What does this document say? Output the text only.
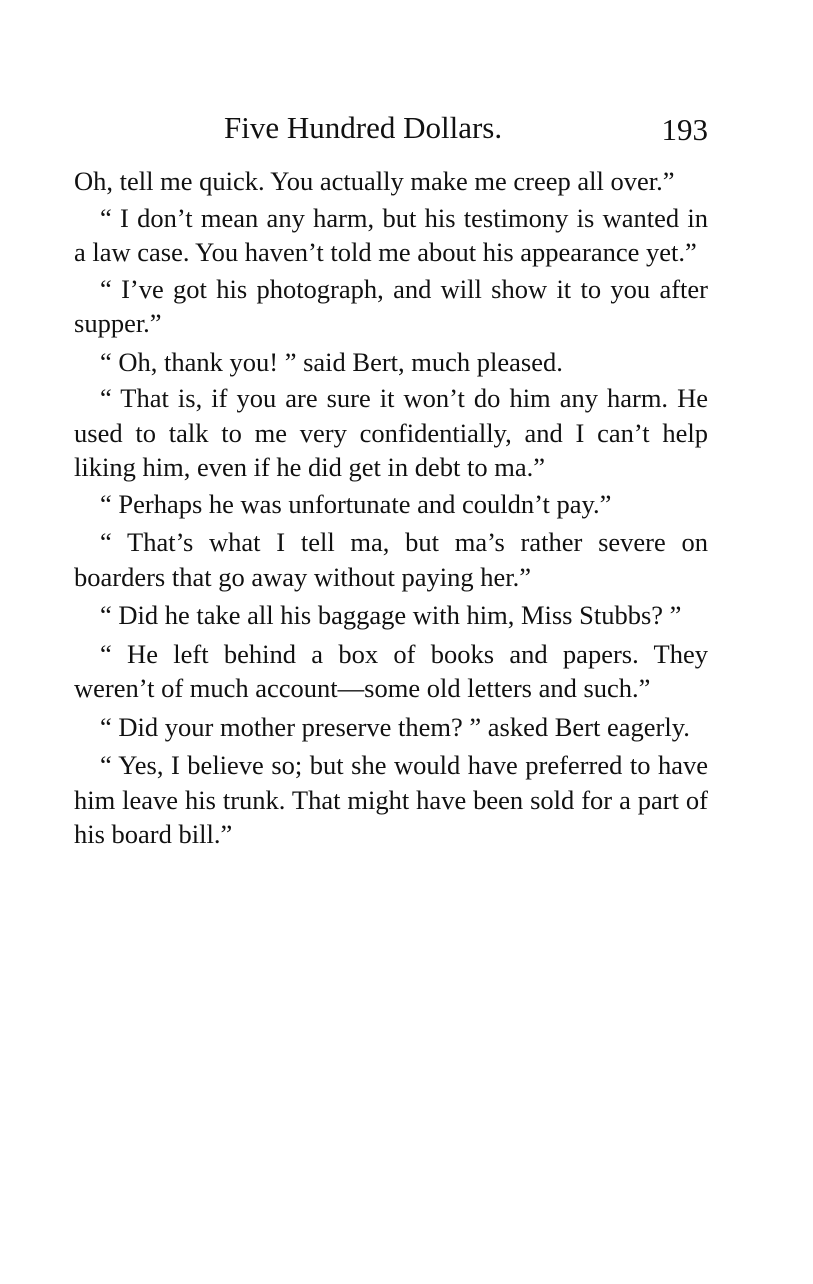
Five Hundred Dollars.	193

Oh, tell me quick. You actually make me creep all over.”

“ I don’t mean any harm, but his testimony is wanted in a law case. You haven’t told me about his appearance yet.”

“ I’ve got his photograph, and will show it to you after supper.”

“ Oh, thank you! ” said Bert, much pleased.

“ That is, if you are sure it won’t do him any harm. He used to talk to me very confidentially, and I can’t help liking him, even if he did get in debt to ma.”

“ Perhaps he was unfortunate and couldn’t pay.”

“ That’s what I tell ma, but ma’s rather severe on boarders that go away without paying her.”

“ Did he take all his baggage with him, Miss Stubbs? ”

“ He left behind a box of books and papers. They weren’t of much account—some old letters and such.”

“ Did your mother preserve them? ” asked Bert eagerly.

“ Yes, I believe so; but she would have preferred to have him leave his trunk. That might have been sold for a part of his board bill.”
